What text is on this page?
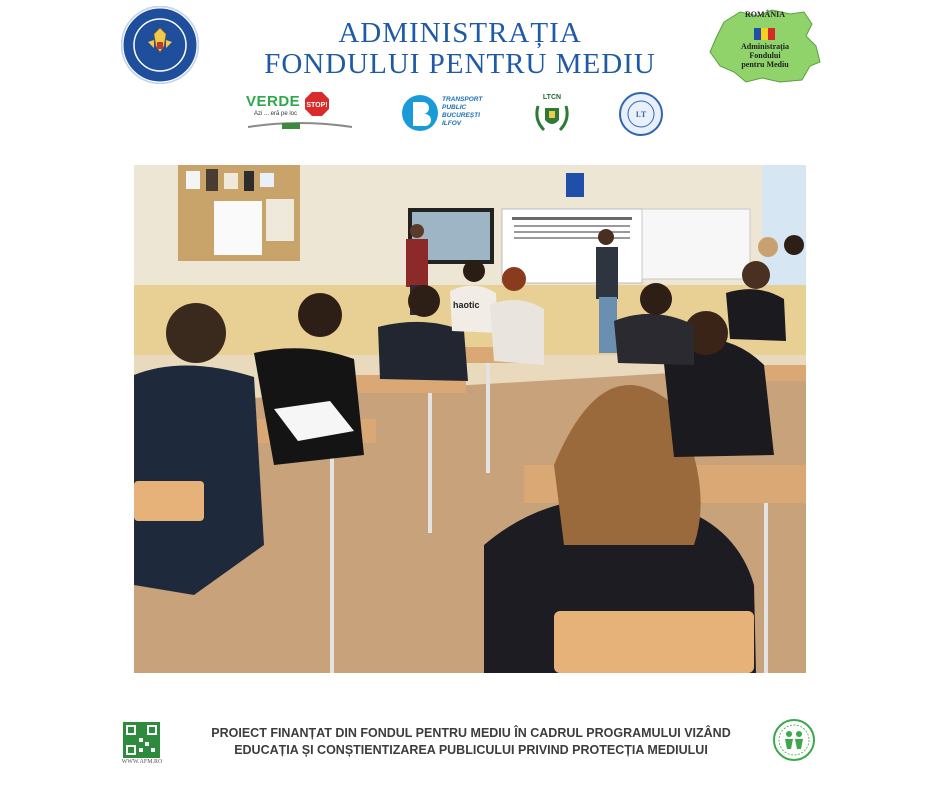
ADMINISTRAȚIA
FONDULUI PENTRU MEDIU
ROMÂNIA
Administrația
Fondului
pentru Mediu
VERDE STOP!
Azi ... eră pe loc
TRANSPORT
PUBLIC
BUCUREȘTI
ILFOV
LTCN
I.T
haotic
WWW.AFM.RO
PROIECT FINANȚAT DIN FONDUL PENTRU MEDIU ÎN CADRUL PROGRAMULUI VIZÂND
EDUCAȚIA ȘI CONȘTIENTIZAREA PUBLICULUI PRIVIND PROTECȚIA MEDIULUI
